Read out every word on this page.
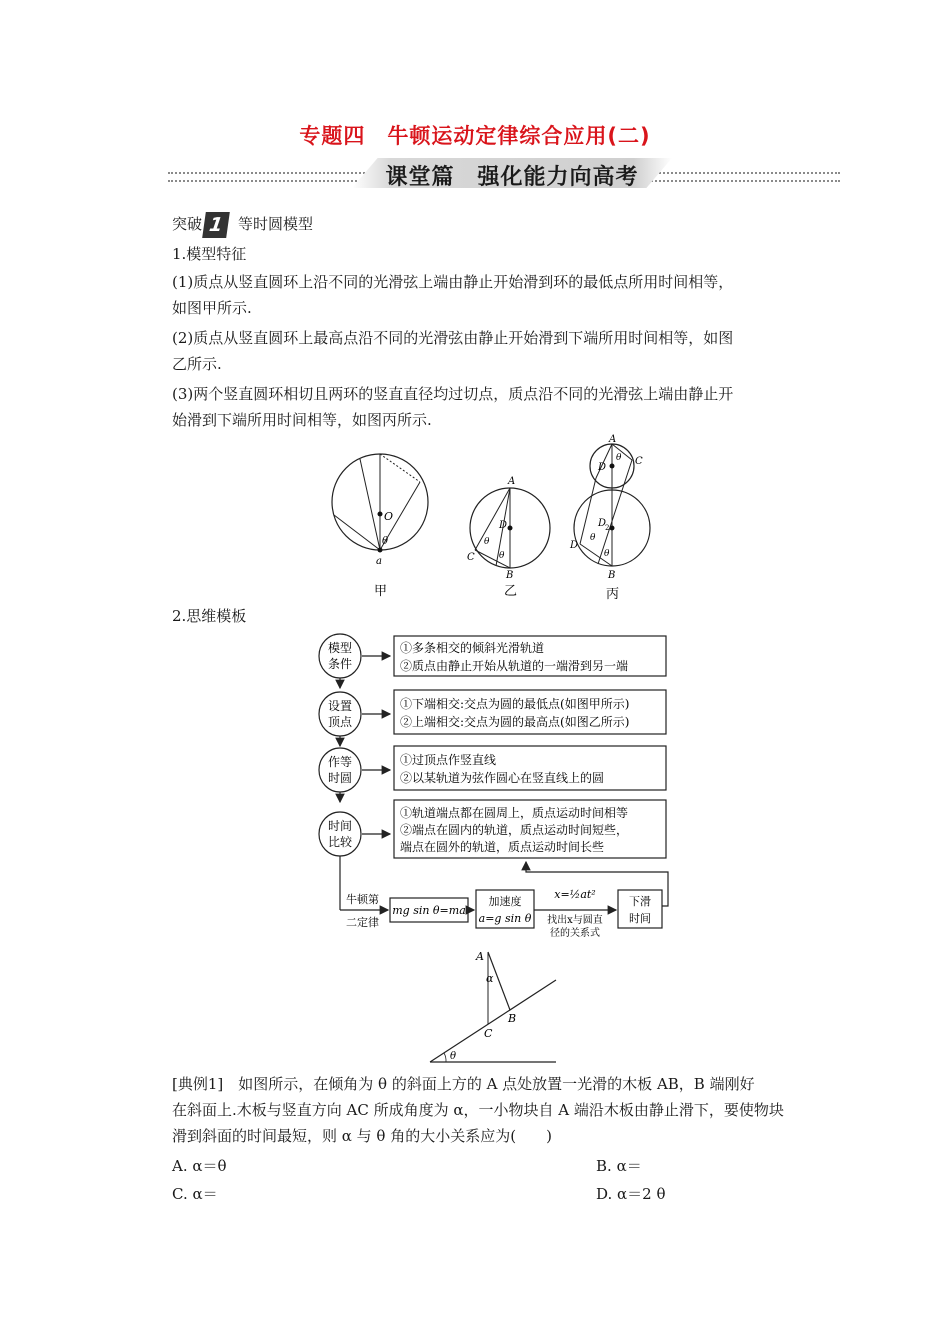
专题四　牛顿运动定律综合应用(二)
课堂篇　强化能力向高考
突破 1 等时圆模型
1.模型特征
(1)质点从竖直圆环上沿不同的光滑弦上端由静止开始滑到环的最低点所用时间相等，
如图甲所示.
(2)质点从竖直圆环上最高点沿不同的光滑弦由静止开始滑到下端所用时间相等，如图
乙所示.
(3)两个竖直圆环相切且两环的竖直直径均过切点，质点沿不同的光滑弦上端由静止开
始滑到下端所用时间相等，如图丙所示.
O
θ
a
甲
A
D
θ
θ
C
B
乙
A
D
θ C
D
2
D
θ
θ
B
丙
2.思维模板
模型
条件
①多条相交的倾斜光滑轨道
②质点由静止开始从轨道的一端滑到另一端
设置
顶点
①下端相交:交点为圆的最低点(如图甲所示)
②上端相交:交点为圆的最高点(如图乙所示)
作等
时圆
①过顶点作竖直线
②以某轨道为弦作圆心在竖直线上的圆
时间
比较
①轨道端点都在圆周上，质点运动时间相等
②端点在圆内的轨道，质点运动时间短些，
端点在圆外的轨道，质点运动时间长些
牛顿第
二定律
mg sin θ=ma
加速度
a=g sin θ
x=½at²
找出x与圆直
径的关系式
下滑
时间
A
α
B
C
θ
[典例1]　如图所示，在倾角为 θ 的斜面上方的 A 点处放置一光滑的木板 AB，B 端刚好
在斜面上.木板与竖直方向 AC 所成角度为 α，一小物块自 A 端沿木板由静止滑下，要使物块
滑到斜面的时间最短，则 α 与 θ 角的大小关系应为(　　)
A. α＝θ	B. α＝
C. α＝	D. α＝2 θ
